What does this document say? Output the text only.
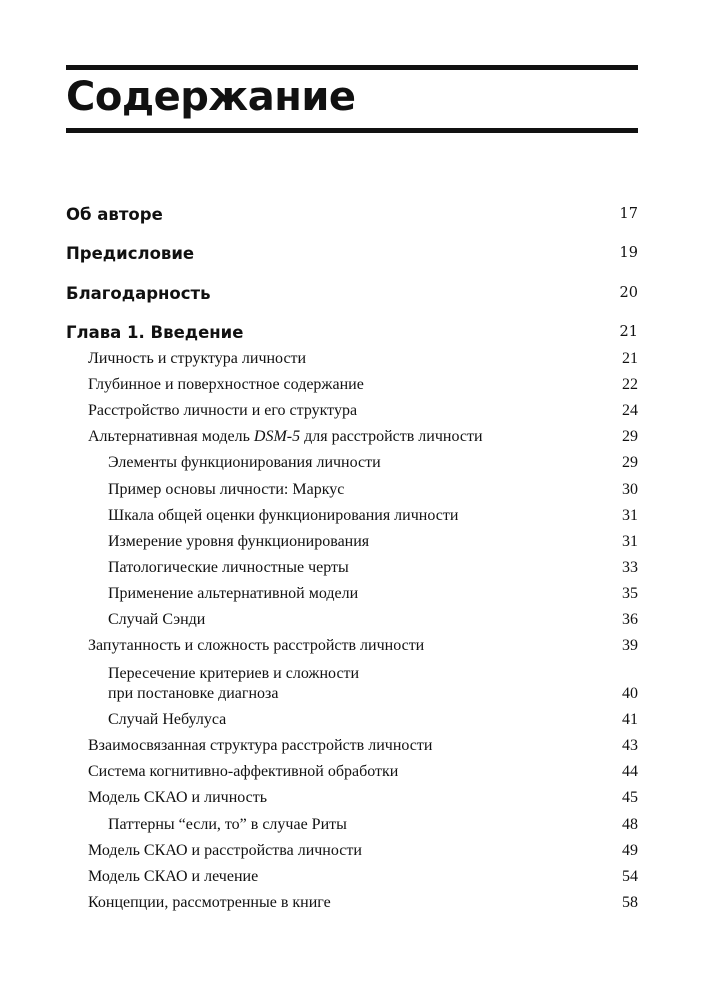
Содержание
Об авторе	17
Предисловие	19
Благодарность	20
Глава 1. Введение	21
Личность и структура личности	21
Глубинное и поверхностное содержание	22
Расстройство личности и его структура	24
Альтернативная модель DSM-5 для расстройств личности	29
Элементы функционирования личности	29
Пример основы личности: Маркус	30
Шкала общей оценки функционирования личности	31
Измерение уровня функционирования	31
Патологические личностные черты	33
Применение альтернативной модели	35
Случай Сэнди	36
Запутанность и сложность расстройств личности	39
Пересечение критериев и сложности
при постановке диагноза	40
Случай Небулуса	41
Взаимосвязанная структура расстройств личности	43
Система когнитивно-аффективной обработки	44
Модель СКАО и личность	45
Паттерны “если, то” в случае Риты	48
Модель СКАО и расстройства личности	49
Модель СКАО и лечение	54
Концепции, рассмотренные в книге	58
